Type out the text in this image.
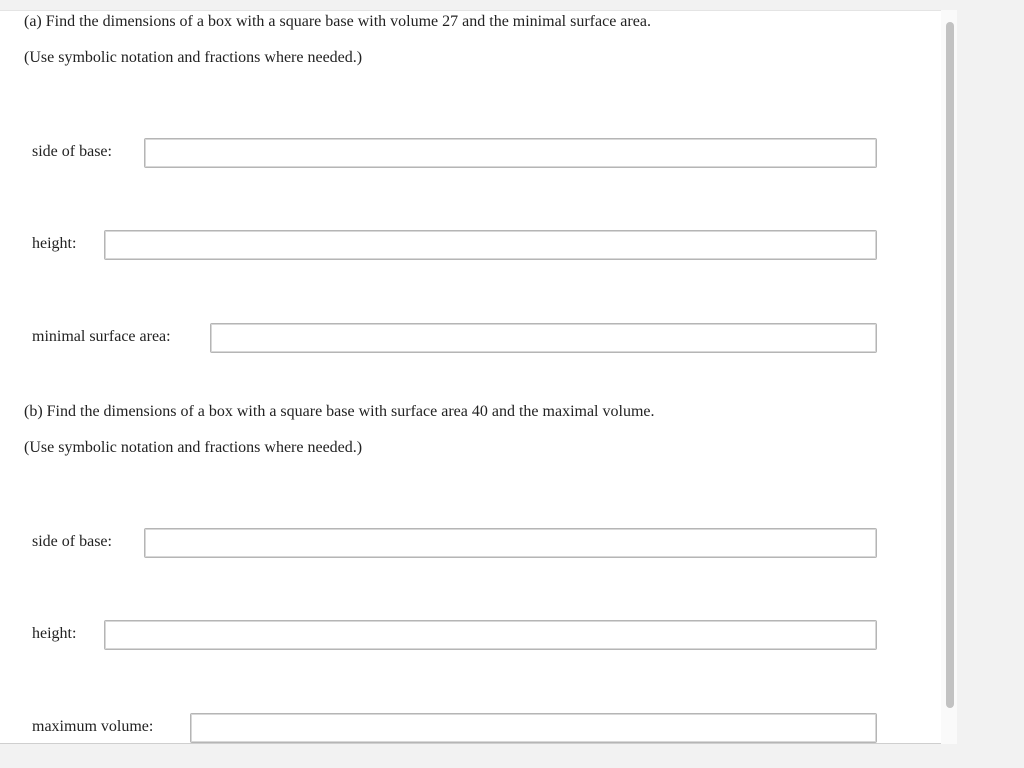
(a) Find the dimensions of a box with a square base with volume 27 and the minimal surface area.
(Use symbolic notation and fractions where needed.)
side of base:
height:
minimal surface area:
(b) Find the dimensions of a box with a square base with surface area 40 and the maximal volume.
(Use symbolic notation and fractions where needed.)
side of base:
height:
maximum volume:
